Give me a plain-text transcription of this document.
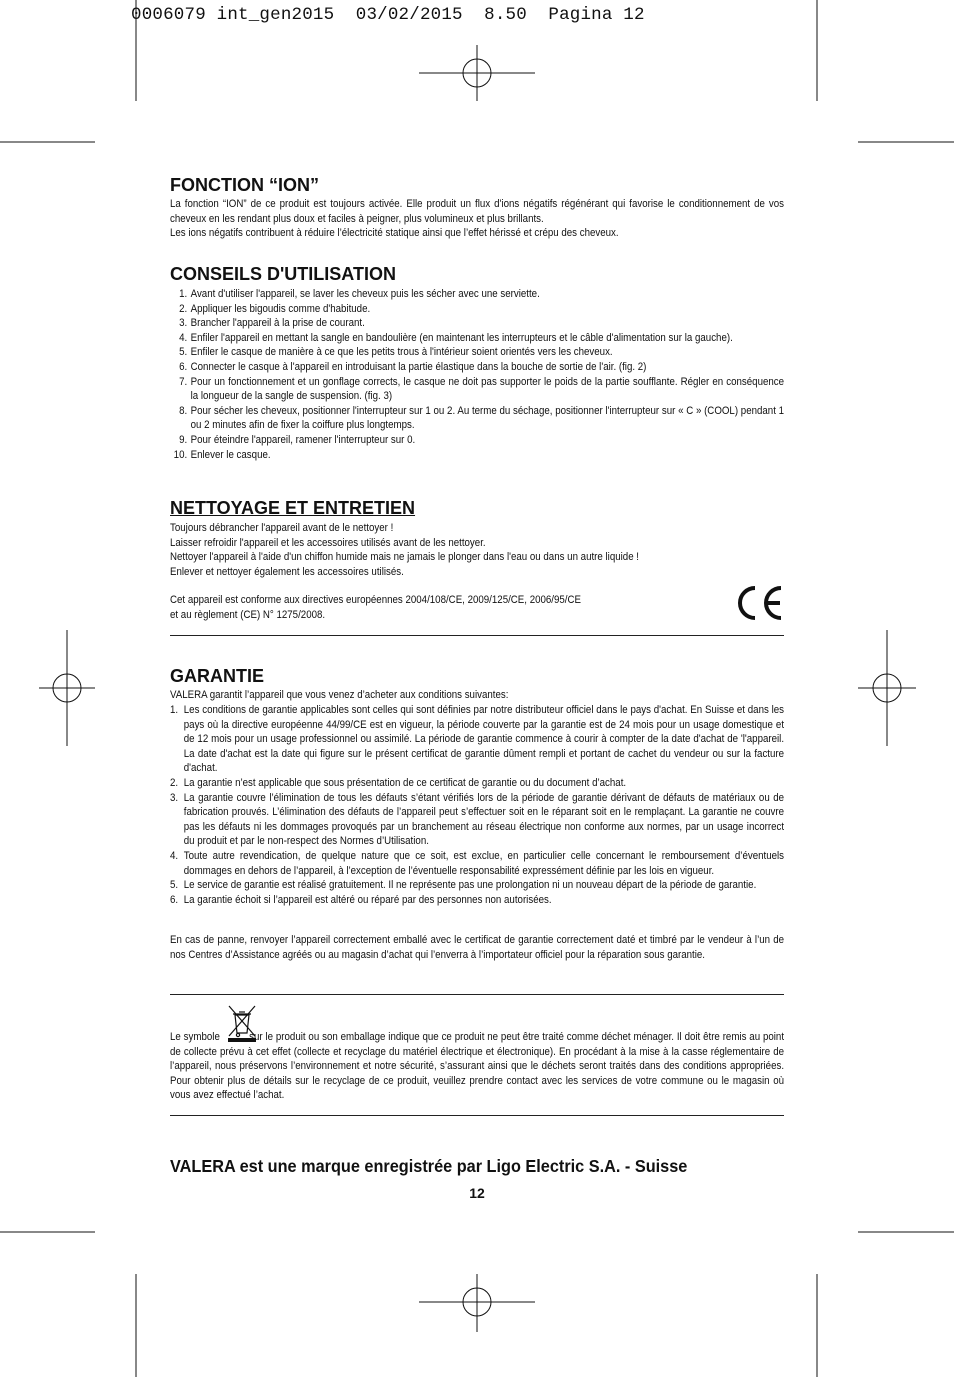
0006079 int_gen2015  03/02/2015  8.50  Pagina 12
FONCTION “ION”
La fonction “ION” de ce produit est toujours activée. Elle produit un flux d'ions négatifs régénérant qui favorise le conditionnement de vos cheveux en les rendant plus doux et faciles à peigner, plus volumineux et plus brillants.
Les ions négatifs contribuent à réduire l’électricité statique ainsi que l’effet hérissé et crépu des cheveux.
CONSEILS D'UTILISATION
1. Avant d'utiliser l'appareil, se laver les cheveux puis les sécher avec une serviette.
2. Appliquer les bigoudis comme d'habitude.
3. Brancher l'appareil à la prise de courant.
4. Enfiler l'appareil en mettant la sangle en bandoulière (en maintenant les interrupteurs et le câble d'alimentation sur la gauche).
5. Enfiler le casque de manière à ce que les petits trous à l'intérieur soient orientés vers les cheveux.
6. Connecter le casque à l'appareil en introduisant la partie élastique dans la bouche de sortie de l'air. (fig. 2)
7. Pour un fonctionnement et un gonflage corrects, le casque ne doit pas supporter le poids de la partie soufflante. Régler en conséquence la longueur de la sangle de suspension. (fig. 3)
8. Pour sécher les cheveux, positionner l'interrupteur sur 1 ou 2. Au terme du séchage, positionner l'interrupteur sur « C » (COOL) pendant 1 ou 2 minutes afin de fixer la coiffure plus longtemps.
9. Pour éteindre l'appareil, ramener l'interrupteur sur 0.
10. Enlever le casque.
NETTOYAGE ET ENTRETIEN
Toujours débrancher l'appareil avant de le nettoyer !
Laisser refroidir l'appareil et les accessoires utilisés avant de les nettoyer.
Nettoyer l'appareil à l'aide d'un chiffon humide mais ne jamais le plonger dans l'eau ou dans un autre liquide !
Enlever et nettoyer également les accessoires utilisés.
Cet appareil est conforme aux directives européennes 2004/108/CE, 2009/125/CE, 2006/95/CE
et au règlement (CE) N° 1275/2008.
GARANTIE
VALERA garantit l’appareil que vous venez d’acheter aux conditions suivantes:
1. Les conditions de garantie applicables sont celles qui sont définies par notre distributeur officiel dans le pays d'achat. En Suisse et dans les pays où la directive européenne 44/99/CE est en vigueur, la période couverte par la garantie est de 24 mois pour un usage domestique et de 12 mois pour un usage professionnel ou assimilé. La période de garantie commence à courir à compter de la date d'achat de 'l'appareil. La date d'achat est la date qui figure sur le présent certificat de garantie dûment rempli et portant de cachet du vendeur ou sur la facture d'achat.
2. La garantie n’est applicable que sous présentation de ce certificat de garantie ou du document d’achat.
3. La garantie couvre l’élimination de tous les défauts s’étant vérifiés lors de la période de garantie dérivant de défauts de matériaux ou de fabrication prouvés. L’élimination des défauts de l’appareil peut s’effectuer soit en le réparant soit en le remplaçant. La garantie ne couvre pas les défauts ni les dommages provoqués par un branchement au réseau électrique non conforme aux normes, par un usage incorrect du produit et par le non-respect des Normes d’Utilisation.
4. Toute autre revendication, de quelque nature que ce soit, est exclue, en particulier celle concernant le remboursement d’éventuels dommages en dehors de l’appareil, à l’exception de l’éventuelle responsabilité expressément définie par les lois en vigueur.
5. Le service de garantie est réalisé gratuitement. Il ne représente pas une prolongation ni un nouveau départ de la période de garantie.
6. La garantie échoit si l’appareil est altéré ou réparé par des personnes non autorisées.
En cas de panne, renvoyer l’appareil correctement emballé avec le certificat de garantie correctement daté et timbré par le vendeur à l’un de nos Centres d’Assistance agréés ou au magasin d’achat qui l’enverra à l’importateur officiel pour la réparation sous garantie.
Le symbole	sur le produit ou son emballage indique que ce produit ne peut être traité comme déchet ménager. Il doit être remis au point de collecte prévu à cet effet (collecte et recyclage du matériel électrique et électronique). En procédant à la mise à la casse réglementaire de l’appareil, nous préservons l’environnement et notre sécurité, s’assurant ainsi que le déchets seront traités dans des conditions appropriées. Pour obtenir plus de détails sur le recyclage de ce produit, veuillez prendre contact avec les services de votre commune ou le magasin où vous avez effectué l’achat.
VALERA est une marque enregistrée par Ligo Electric S.A. - Suisse
12
